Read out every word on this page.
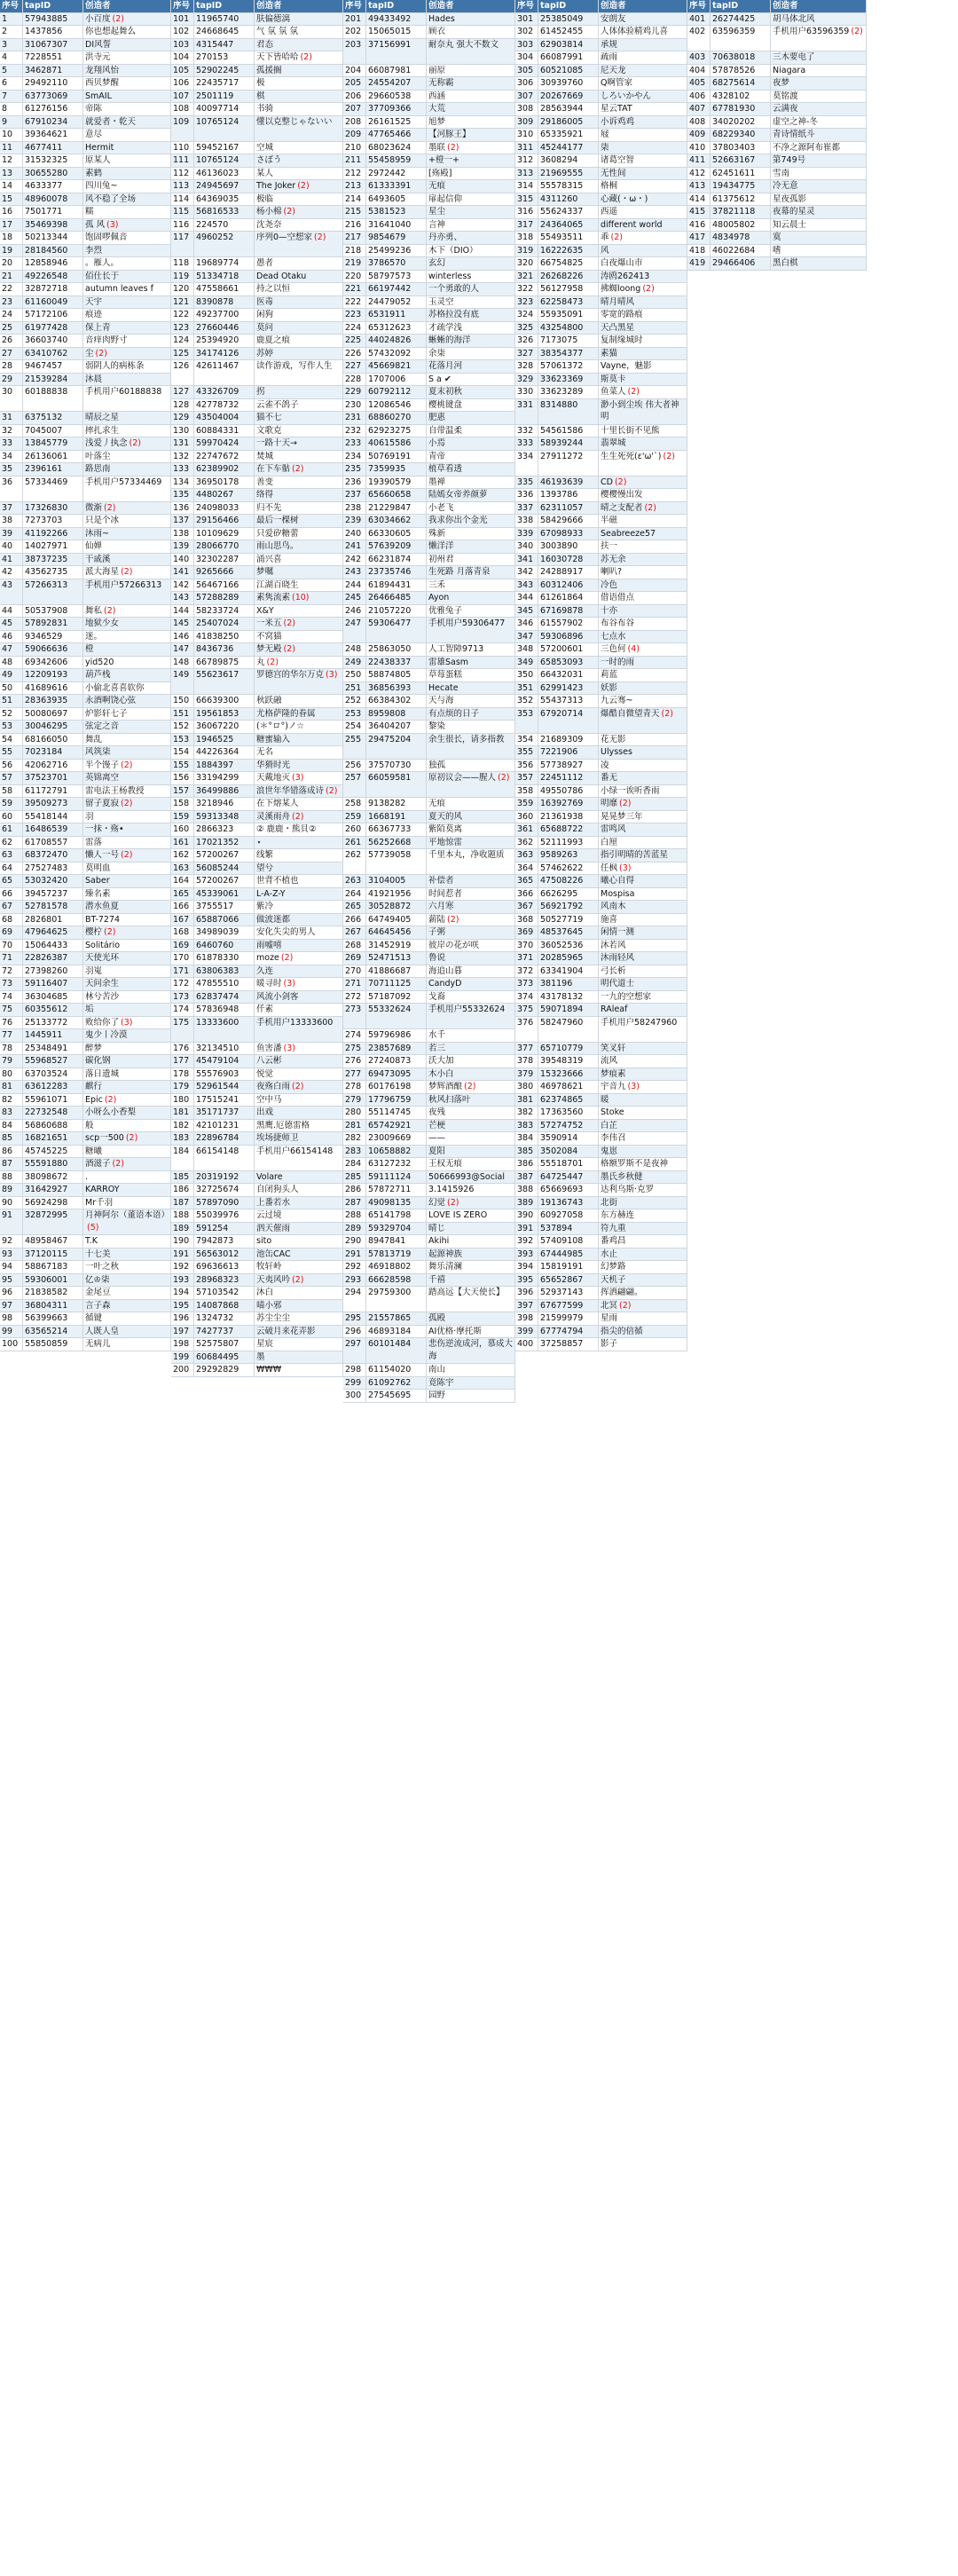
序号
1
2
3
4
5
6
7
8
9
10
11
12
13
14
15
16
17
18
19
20
21
22
23
24
25
26
27
28
29
30
31
32
33
34
35
36
37
38
39
40
41
42
43
44
45
46
47
48
49
50
51
52
53
54
55
56
57
58
59
60
61
62
63
64
65
66
67
68
69
70
71
72
73
74
75
76
77
78
79
80
81
82
83
84
85
86
87
88
89
90
91
92
93
94
95
96
97
98
99
100
tapID
57943885
1437856
31067307
7228551
3462871
29492110
63773069
61276156
67910234
39364621
4677411
31532325
30655280
4633377
48960078
7501771
35469398
50213344
28184560
12858946
49226548
32872718
61160049
57172106
61977428
36603740
63410762
9467457
21539284
60188838
6375132
7045007
13845779
26136061
2396161
57334469
17326830
7273703
41192266
14027971
38737235
43562735
57266313
50537908
57892831
9346529
59066636
69342606
12209193
41689616
28363935
50080697
30046295
68166050
7023184
42062716
37523701
61172791
39509273
55418144
16486539
61708557
68372470
27527483
53032420
39457237
52781578
2826801
47964625
15064433
22826387
27398260
59116407
36304685
60355612
25133772
1445911
25348491
55968527
63703524
63612283
55961071
22732548
56860688
16821651
45745225
55591880
38098672
31642927
56924298
32872995
48958467
37120115
58867183
59306001
21838582
36804311
56399663
63565214
55850859
创造者
小百度 (2)
你也想起舞么
DI风誓
洪寺元
龙翔风怡
西贝梦醒
SmAIL
帝陈
就爱者・乾天
意尽
Hermit
原某人
素鹤
四川兔~
风不稳了全场
糯
孤 风 (3)
饱固啰佩音
李烈
。雁人。
佰仕长于
autumn leaves f
天宇
痕迹
保上青
音痒肉野寸
尘 (2)
弱阴人的病栋条
沐晨
手机用户60188838
晴辰之星
摔扎求生
浅爱丿执念 (2)
叶落尘
路思南
手机用户57334469
微渐 (2)
只是个冰
沐雨~
仙婵
干戚溪
派大海星 (2)
手机用户57266313
舞私 (2)
地狱少女
迷。
橙
yid520
葫芦栈
小偷北喜喜软你
永酒啊饶心弦
炉影轩七子
弦定之音
舞乱
风筑柒
半个馒子 (2)
英锦离空
雷电法王杨教授
留子夏寂 (2)
羽
一抹・殇•
雷落
懒人一号 (2)
莫明血
Saber
臻名素
潜水鱼夏
BT-7274
樱柠 (2)
Solitário
天使光环
羽嵬
天问余生
林兮苦沙
垢
败给你了 (3)
鬼少丨冷漠
醉梦
碳化钢
落日遗城
麒行
Epic (2)
小呀么小香梨
般
scp一500 (2)
糖曦
酒滋子 (2)
.
KARROY
Mr千羽
月神阿尔（董语本语）(5)
T.K
十七美
一叶之秋
亿♔柒
金尾豆
言子森
循键
人既人皇
无病儿
序号
101
102
103
104
105
106
107
108
109
110
111
112
113
114
115
116
117
118
119
120
121
122
123
124
125
126
127
128
129
130
131
132
133
134
135
136
137
138
139
140
141
142
143
144
145
146
147
148
149
150
151
152
153
154
155
156
157
158
159
160
161
162
163
164
165
166
167
168
169
170
171
172
173
174
175
176
177
178
179
180
181
182
183
184
185
186
187
188
189
190
191
192
193
194
195
196
197
198
199
200
tapID
11965740
24668645
4315447
270153
52902245
22435717
2501119
40097714
10765124
59452167
10765124
46136023
24945697
64369035
56816533
224570
4960252
19689774
51334718
47558661
8390878
49237700
27660446
25394920
34174126
42611467
43326709
42778732
43504004
60884331
59970424
22747672
62389902
36950178
4480267
24098033
29156466
10109629
28066770
32302287
9265666
56467166
57288289
58233724
25407024
41838250
8436736
66789875
55623617
66639300
19561853
36067220
1946525
44226364
1884397
33194299
36499886
3218946
59313348
2866323
17021352
57200267
56085244
57200267
45339061
3755517
65887066
34989039
6460760
61878330
63806383
47855510
62837474
57836948
13333600
32134510
45479104
55576903
52961544
17515241
35171737
42101231
22896784
66154148
20319192
32725674
57897090
55039976
591254
7942873
56563012
69636613
28968323
57103542
14087868
1324732
7427737
52575807
60684495
29292829
创造者
肤偏德漓
气 氛 氛 氛
君态
天下皆哈哈 (2)
孤援搁
极
棋
书骑
懂以克整じゃないい
空城
さぼう
某人
The Joker (2)
极临
杨小棉 (2)
沈尧奈
序列0—空想家 (2)
愚者
Dead Otaku
持之以恒
医毒
闲狗
莫问
鹿夏之痕
苏婷
读作游戏，写作人生
拐
云雀不鸽子
猫不七
文歌克
一路十天→
焚城
在下车骷 (2)
善变
络得
归不先
最后一棵树
只爱矽糖蕾
雨山思鸟。
涌兴喜
梦嘱
江湖百晓生
素隽流素 (10)
X&Y
一米五 (2)
不窝猫
梦无殿 (2)
丸 (2)
罗德宫的华尔万克 (3)
秋跃融
尤格萨隆的眷属
(＊°ロ°)ノ☆
糖蜜输入
无名
华猾时光
天戴地灭 (3)
浪世年华错落成诗 (2)
在下熔某人
灵溪雨舟 (2)
② 鹿鹿・熊貝②
⋆
线繁
望兮
世背不植也
L-A-Z-Y
紫冷
做波迷都
安化失尖的男人
雨嘘嘻
moze (2)
久连
暖寻时 (3)
风流小剑客
仟素
手机用户13333600
鱼害潘 (3)
八云彬
悦觉
夜殇白雨 (2)
空中马
出戏
黑鹰.厄德雷格
埃场捷师卫
手机用户66154148
Volare
自闭狗头人
上番若水
云过境
泗天催雨
sito
池缶CAC
牧轩岭
天夷风吟 (2)
沐白
喵小邪
苏尘尘尘
云破月来花弄影
星宸
墨
₩₩₩
序号
201
202
203
204
205
206
207
208
209
210
211
212
213
214
215
216
217
218
219
220
221
222
223
224
225
226
227
228
229
230
231
232
233
234
235
236
237
238
239
240
241
242
243
244
245
246
247
248
249
250
251
252
253
254
255
256
257
258
259
260
261
262
263
264
265
266
267
268
269
270
271
272
273
274
275
276
277
278
279
280
281
282
283
284
285
286
287
288
289
290
291
292
293
294
295
296
297
298
299
300
tapID
49433492
15065015
37156991
66087981
24554207
29660538
37709366
26161525
47765466
68023624
55458959
2972442
61333391
6493605
5381523
31641040
9854679
25499236
3786570
58797573
66197442
24479052
6531911
65312623
44024826
57432092
45669821
1707006
60792112
12086546
68860270
62923275
40615586
50769191
7359935
19390579
65660658
21229847
63034662
66330605
57639209
66231874
23735746
61894431
26466485
21057220
59306477
25863050
22438337
58874805
36856393
66384302
8959808
36404207
29475204
37570730
66059581
9138282
1668191
66367733
56252668
57739058
3104005
41921956
30528872
64749405
64645456
31452919
52471513
41886687
70711125
57187092
55332624
59796986
23857689
27240873
69473095
60176198
17796759
55114745
65742921
23009669
10658882
63127232
59111124
57872711
49098135
65141798
59329704
8947841
57813719
46918802
66628598
29759300
21557865
46893184
60101484
61154020
61092762
27545695
创造者
Hades
顾衣
耐奈丸 强大不数文
丽原
无称霸
西涵
大荒
旭梦
【河豚王】
墨联 (2)
+橙一+
[殇殿]
无痕
扉起信仰
星尘
言神
丹亦勇、
木下（DIO）
玄幻
winterless
一个勇敢的人
玉灵空
苏格拉没有底
才疏学浅
蜥蜥的海洋
余柒
花落月河
S a ✔
夏末初秋
樱桃键盘
肥惠
自带温柔
小焉
青帝
植草看透
墨禅
陆嫣女帝养颜萝
小老飞
我求你出个金光
殊新
懒洋洋
初州君
生死路 月落青泉
三禾
Ayon
优雅兔子
手机用户59306477
人工智障9713
雷雄Sasm
草莓蛋糕
Hecate
天与海
有点烦的日子
黎染
余生很长，请多指教
独孤
原初议会——腥人 (2)
无痕
夏天的风
紫陌莫离
平地惊雷
千里本丸，净收题质
补偿者
时间惹者
六月寒
薪陆 (2)
子粥
彼岸の花が咲
鲁说
海追山暮
CandyD
戈裔
手机用户55332624
水千
若三
沃大加
木小白
梦辉酒酿 (2)
秋风扫落叶
夜残
芒梗
——
夏阳
王权无痕
50666993@Social
3.1415926
幻觉 (2)
LOVE IS ZERO
晴じ
Akihi
起源神族
舞乐清澜
千禧
踏高远【大天使长】
孤殿
AI优格·摩托斯
悲伤逆流成河，慕成大海
南山
竟陈宇
园野
序号
301
302
303
304
305
306
307
308
309
310
311
312
313
314
315
316
317
318
319
320
321
322
323
324
325
326
327
328
329
330
331
332
333
334
335
336
337
338
339
340
341
342
343
344
345
346
347
348
349
350
351
352
353
354
355
356
357
358
359
360
361
362
363
364
365
366
367
368
369
370
371
372
373
374
375
376
377
378
379
380
381
382
383
384
385
386
387
388
389
390
391
392
393
394
395
396
397
398
399
400
tapID
25385049
61452455
62903814
66087991
60521085
30939760
20267669
28563944
29186005
65335921
45244177
3608294
21969555
55578315
4311260
55624337
24364065
55493511
16222635
66754825
26268226
56127958
62258473
55935091
43254800
7173075
38354377
57061372
33623369
33623289
8314880
54561586
58939244
27911272
46193639
1393786
62311057
58429666
67098933
3003890
16030728
24288917
60312406
61261864
67169878
61557902
59306896
57200601
65853093
66432031
62991423
55437313
67920714
21689309
7221906
57738927
22451112
49550786
16392769
21361938
65688722
52111993
9589263
57462622
47508226
6626295
56921792
50527719
48537645
36052536
20285965
63341904
381196
43178132
59071894
58247960
65710779
39548319
15323666
46978621
62374865
17363560
57274752
3590914
3502084
55518701
64725447
65669693
19136743
60927058
537894
57409108
67444985
15819191
65652867
52937143
67677599
21599979
67774794
37258857
创造者
安朗友
人体体验精鸡儿喜
承规
疏雨
尼天龙
Q啊管家
しろいかやん
星云TAT
小诉鸡鸡
屐
柒
诸葛空智
无性间
格桐
心藏(・ω・)
西遥
different world
乖 (2)
风
白夜爆山市
涛鸥262413
拂蜘loong (2)
晴月晴风
零宽的路痕
天凸黑星
复制缘城时
素猫
Vayne，魅影
斯莫卡
鱼菜人 (2)
渺小到尘埃 伟大者神明
十里长街不见熊
翡翠城
生生死死(ε'ω'`) (2)
CD (2)
樱樱慢出发
晴之支配者 (2)
半磁
Seabreeze57
扶一
苏无余
喇叭?
冷色
借语借点
十亦
布谷布谷
七点水
三色何 (4)
一时的雨
莉蓝
妖影
九云骞~
爆酷自微望青天 (2)
花无影
Ulysses
凌
番无
小绿一诶听香雨
明靡 (2)
晃晃梦三年
雷鸣风
白厘
指引明晴的苦蓝星
任枫 (3)
曦心自得
Mospisa
风南木
施喜
闲情一测
沐若风
沐雨轻风
弓长析
明代道士
一九的空想家
RAleaf
手机用户58247960
笑叉轩
流风
梦痕素
宇音九 (3)
暖
Stoke
白芷
李伟召
鬼崽
格额罗斯不是夜神
墨氏乡秋健
达利乌斯·克罗
北街
东方赫连
符九重
番鸡昌
水止
幻梦路
天机子
挥洒翩翩。
北冥 (2)
星雨
指尖的倍循
影子
序号
401
402
403
404
405
406
407
408
409
410
411
412
413
414
415
416
417
418
419
tapID
26274425
63596359
70638018
57878526
68275614
4328102
67781930
34020202
68229340
37803403
52663167
62451611
19434775
61375612
37821118
48005802
4834978
46022684
29466406
创造者
胡马体北风
手机用户63596359 (2)
三木要电了
Niagara
夜梦
莫铭渡
云满夜
虚空之神-冬
青诗情纸斗
不净之源阿布崔都
第749号
雪南
冷无意
星夜孤影
夜幕的星灵
知云晨士
寞
嗜
黑白棋
